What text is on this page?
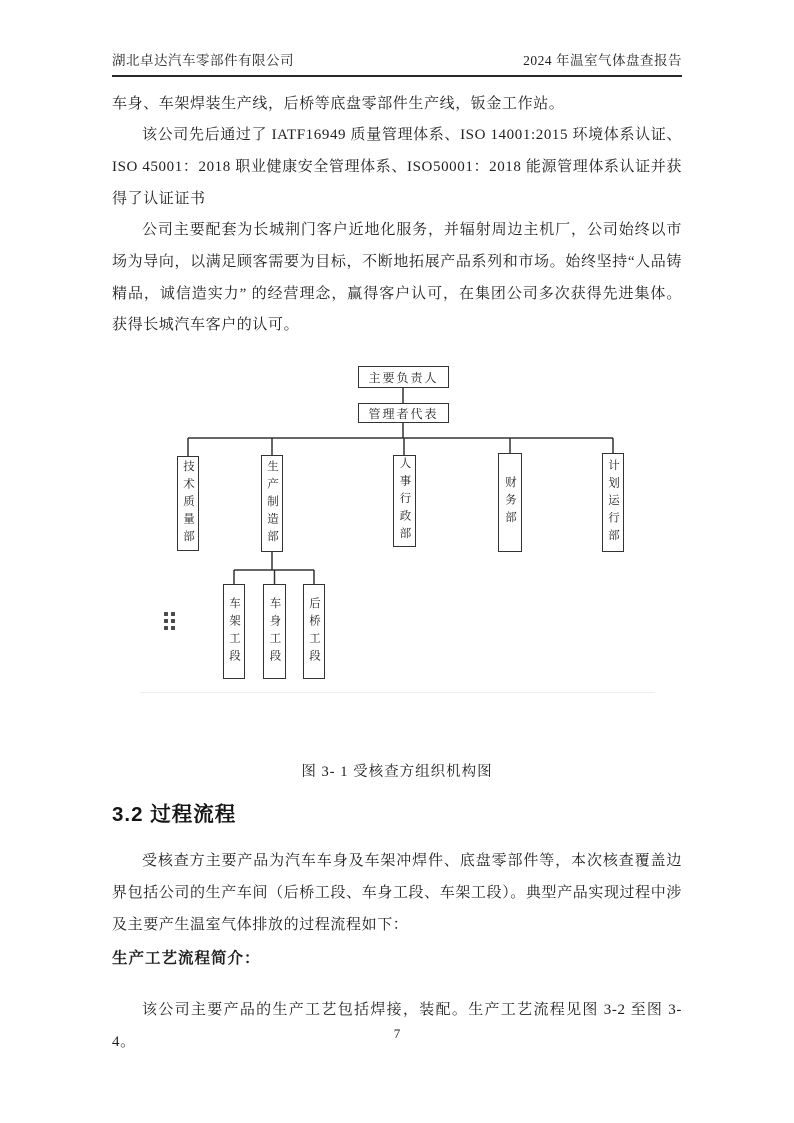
湖北卓达汽车零部件有限公司	2024 年温室气体盘查报告
车身、车架焊装生产线，后桥等底盘零部件生产线，钣金工作站。
该公司先后通过了 IATF16949 质量管理体系、ISO 14001:2015 环境体系认证、ISO 45001：2018 职业健康安全管理体系、ISO50001：2018 能源管理体系认证并获得了认证证书
公司主要配套为长城荆门客户近地化服务，并辐射周边主机厂，公司始终以市场为导向，以满足顾客需要为目标，不断地拓展产品系列和市场。始终坚持“人品铸精品，诚信造实力” 的经营理念，赢得客户认可，在集团公司多次获得先进集体。获得长城汽车客户的认可。
主要负责人
管理者代表
技术质量部	生产制造部	人事行政部	财务部	计划运行部
车架工段	车身工段	后桥工段
图 3- 1 受核查方组织机构图
3.2 过程流程
受核查方主要产品为汽车车身及车架冲焊件、底盘零部件等，本次核查覆盖边界包括公司的生产车间（后桥工段、车身工段、车架工段）。典型产品实现过程中涉及主要产生温室气体排放的过程流程如下：
生产工艺流程简介：
该公司主要产品的生产工艺包括焊接，装配。生产工艺流程见图 3-2 至图 3-4。
7
